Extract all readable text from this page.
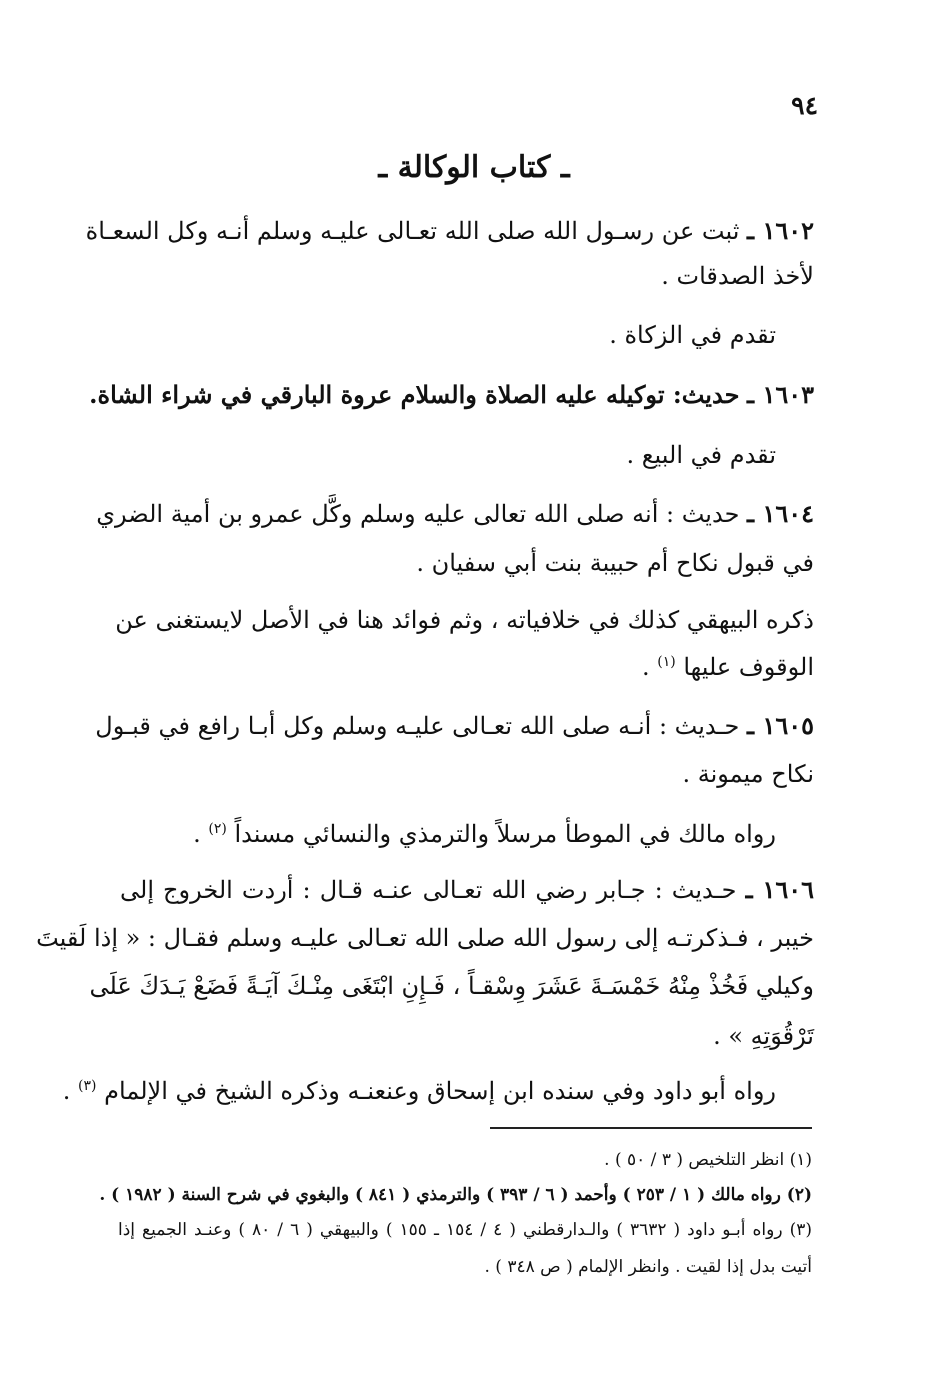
٩٤
ـ كتاب الوكالة ـ
١٦٠٢ ـ ثبت عن رسـول الله صلى الله تعـالى عليـه وسلم أنـه وكل السعـاة
لأخذ الصدقات .
تقدم في الزكاة .
١٦٠٣ ـ حديث: توكيله عليه الصلاة والسلام عروة البارقي في شراء الشاة.
تقدم في البيع .
١٦٠٤ ـ حديث : أنه صلى الله تعالى عليه وسلم وكَّل عمرو بن أمية الضري
في قبول نكاح أم حبيبة بنت أبي سفيان .
ذكره البيهقي كذلك في خلافياته ، وثم فوائد هنا في الأصل لايستغنى عن
الوقوف عليها $^{(١)}$ .
١٦٠٥ ـ حـديث : أنـه صلى الله تعـالى عليـه وسلم وكل أبـا رافع في قبـول
نكاح ميمونة .
رواه مالك في الموطأ مرسلاً والترمذي والنسائي مسنداً $^{(٢)}$ .
١٦٠٦ ـ حـديث : جـابر رضي الله تعـالى عنـه قـال : أردت الخروج إلى
خيبر ، فـذكرتـه إلى رسول الله صلى الله تعـالى عليـه وسلم فقـال : « إذا لَقيتَ
وكيلي فَخُذْ مِنْهُ خَمْسَـةَ عَشَرَ وِسْقـاً ، فَـإِنِ ابْتَغَى مِنْـكَ آيَـةً فَضَعْ يَـدَكَ عَلَى
تَرْقُوَتِهِ » .
رواه أبو داود وفي سنده ابن إسحاق وعنعنـه وذكره الشيخ في الإلمام $^{(٣)}$ .
(١) انظر التلخيص ( ٣ / ٥٠ ) .
(٢) رواه مالك ( ١ / ٢٥٣ ) وأحمد ( ٦ / ٣٩٣ ) والترمذي ( ٨٤١ ) والبغوي في شرح السنة ( ١٩٨٢ ) .
(٣) رواه أبـو داود ( ٣٦٣٢ ) والـدارقطني ( ٤ / ١٥٤ ـ ١٥٥ ) والبيهقي ( ٦ / ٨٠ ) وعنـد الجميع إذا
أتيت بدل إذا لقيت . وانظر الإلمام ( ص ٣٤٨ ) .
